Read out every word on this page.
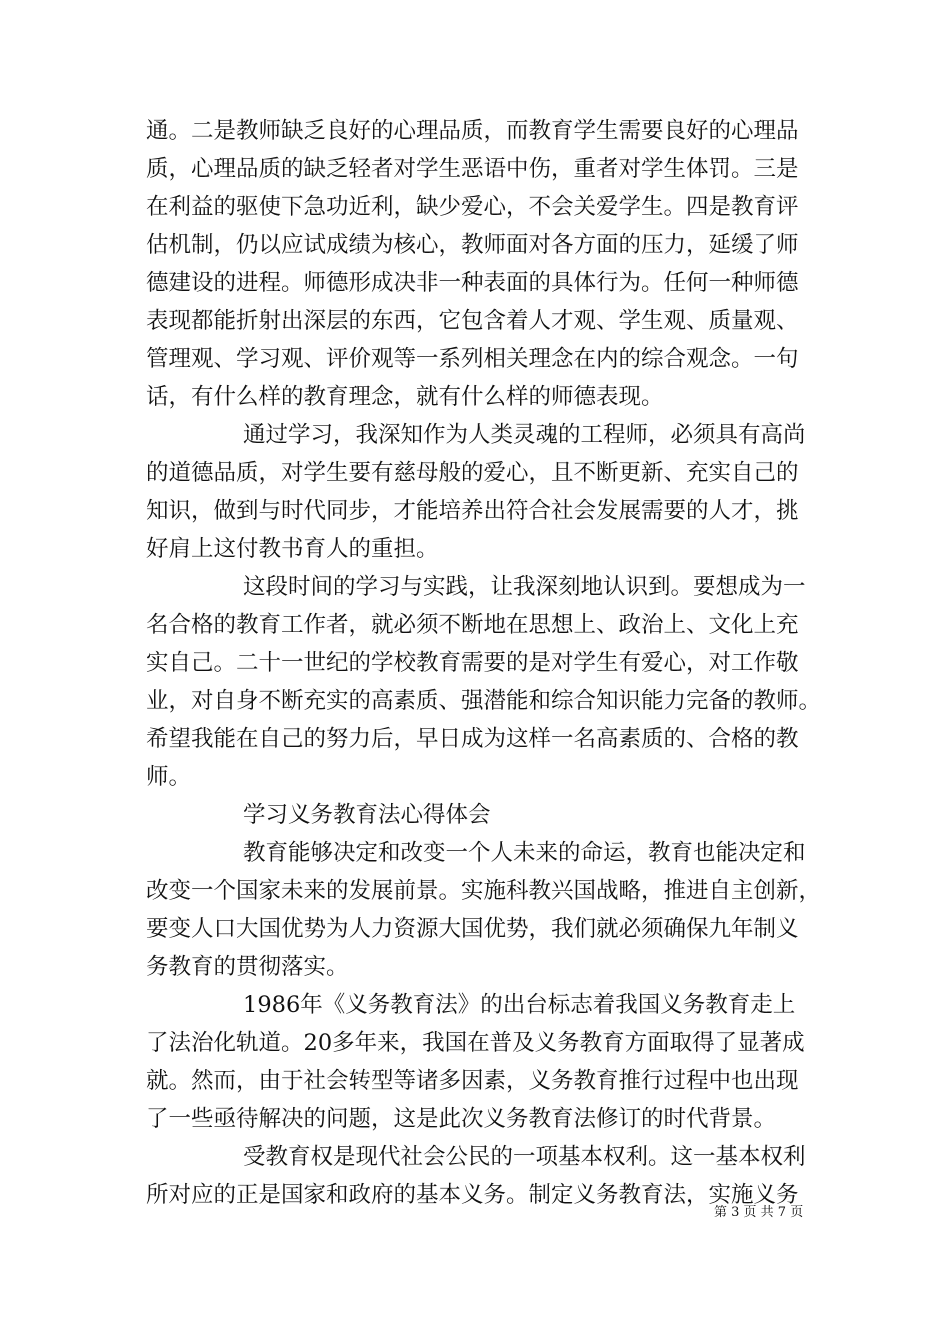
通。二是教师缺乏良好的心理品质，而教育学生需要良好的心理品
质，心理品质的缺乏轻者对学生恶语中伤，重者对学生体罚。三是
在利益的驱使下急功近利，缺少爱心，不会关爱学生。四是教育评
估机制，仍以应试成绩为核心，教师面对各方面的压力，延缓了师
德建设的进程。师德形成决非一种表面的具体行为。任何一种师德
表现都能折射出深层的东西，它包含着人才观、学生观、质量观、
管理观、学习观、评价观等一系列相关理念在内的综合观念。一句
话，有什么样的教育理念，就有什么样的师德表现。
通过学习，我深知作为人类灵魂的工程师，必须具有高尚
的道德品质，对学生要有慈母般的爱心，且不断更新、充实自己的
知识，做到与时代同步，才能培养出符合社会发展需要的人才，挑
好肩上这付教书育人的重担。
这段时间的学习与实践，让我深刻地认识到。要想成为一
名合格的教育工作者，就必须不断地在思想上、政治上、文化上充
实自己。二十一世纪的学校教育需要的是对学生有爱心，对工作敬
业，对自身不断充实的高素质、强潜能和综合知识能力完备的教师。
希望我能在自己的努力后，早日成为这样一名高素质的、合格的教
师。
学习义务教育法心得体会
教育能够决定和改变一个人未来的命运，教育也能决定和
改变一个国家未来的发展前景。实施科教兴国战略，推进自主创新，
要变人口大国优势为人力资源大国优势，我们就必须确保九年制义
务教育的贯彻落实。
1986年《义务教育法》的出台标志着我国义务教育走上
了法治化轨道。20多年来，我国在普及义务教育方面取得了显著成
就。然而，由于社会转型等诸多因素，义务教育推行过程中也出现
了一些亟待解决的问题，这是此次义务教育法修订的时代背景。
受教育权是现代社会公民的一项基本权利。这一基本权利
所对应的正是国家和政府的基本义务。制定义务教育法，实施义务
第 3 页 共 7 页
